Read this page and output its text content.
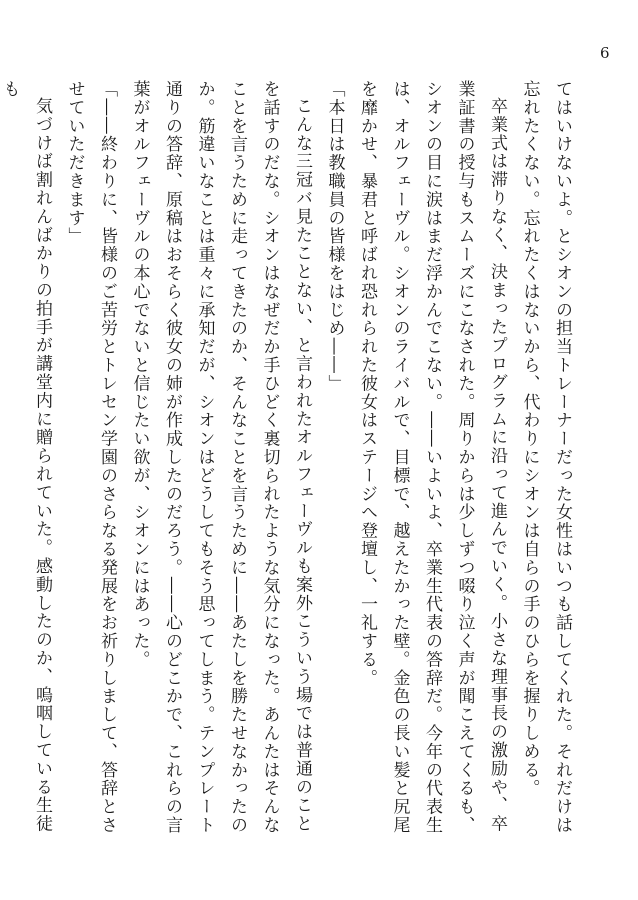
6

てはいけないよ。とシオンの担当トレーナーだった女性はいつも話してくれた。それだけは忘れたくない。忘れたくはないから、代わりにシオンは自らの手のひらを握りしめる。

卒業式は滞りなく、決まったプログラムに沿って進んでいく。小さな理事長の激励や、卒業証書の授与もスムーズにこなされた。周りからは少しずつ啜り泣く声が聞こえてくるも、シオンの目に涙はまだ浮かんでこない。――いよいよ、卒業生代表の答辞だ。今年の代表生は、オルフェーヴル。シオンのライバルで、目標で、越えたかった壁。金色の長い髪と尻尾を靡かせ、暴君と呼ばれ恐れられた彼女はステージへ登壇し、一礼する。

「本日は教職員の皆様をはじめ――」

こんな三冠バ見たことない、と言われたオルフェーヴルも案外こういう場では普通のことを話すのだな。シオンはなぜだか手ひどく裏切られたような気分になった。あんたはそんなことを言うために走ってきたのか、そんなことを言うために――あたしを勝たせなかったのか。筋違いなことは重々に承知だが、シオンはどうしてもそう思ってしまう。テンプレート通りの答辞、原稿はおそらく彼女の姉が作成したのだろう。――心のどこかで、これらの言葉がオルフェーヴルの本心でないと信じたい欲が、シオンにはあった。

「――終わりに、皆様のご苦労とトレセン学園のさらなる発展をお祈りしまして、答辞とさせていただきます」

気づけば割れんばかりの拍手が講堂内に贈られていた。感動したのか、嗚咽している生徒も
